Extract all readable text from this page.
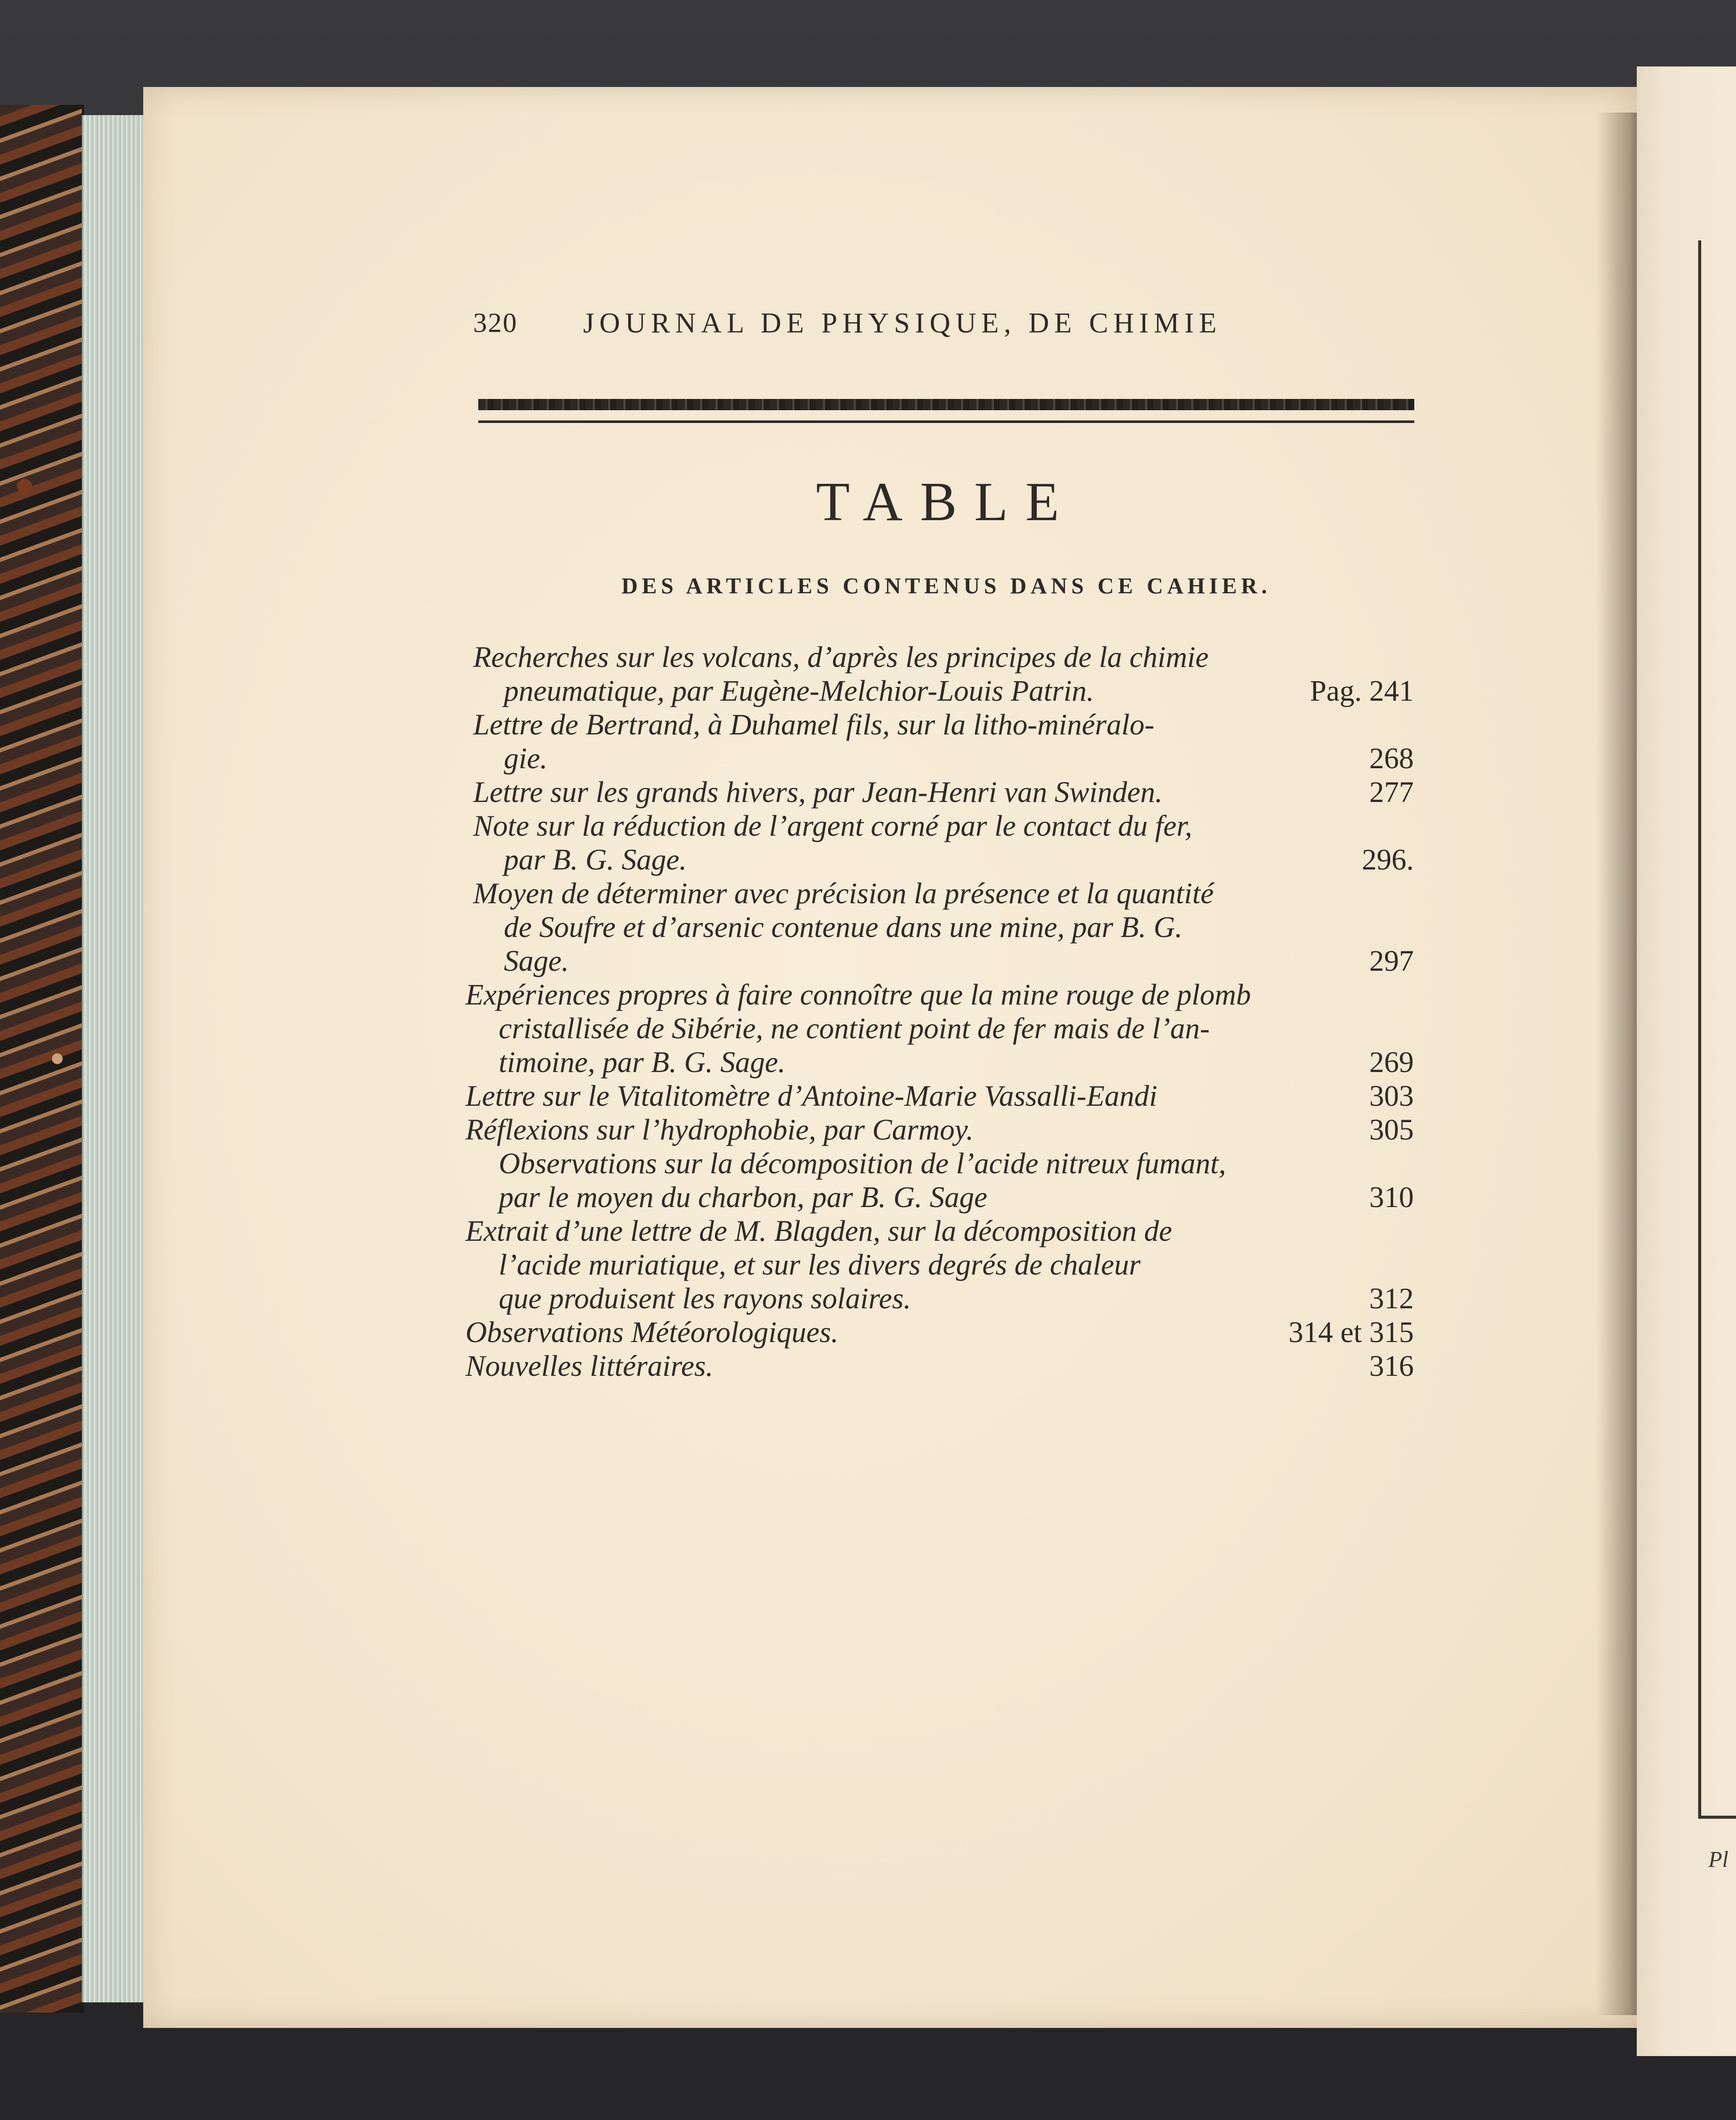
Pl
320 JOURNAL DE PHYSIQUE, DE CHIMIE
TABLE
DES ARTICLES CONTENUS DANS CE CAHIER.
Recherches sur les volcans, d’après les principes de la chimie
pneumatique, par Eugène-Melchior-Louis Patrin.	Pag. 241
Lettre de Bertrand, à Duhamel fils, sur la litho-minéralo-
gie.	268
Lettre sur les grands hivers, par Jean-Henri van Swinden.	277
Note sur la réduction de l’argent corné par le contact du fer,
par B. G. Sage.	296.
Moyen de déterminer avec précision la présence et la quantité
de Soufre et d’arsenic contenue dans une mine, par B. G.
Sage.	297
Expériences propres à faire connoître que la mine rouge de plomb
cristallisée de Sibérie, ne contient point de fer mais de l’an-
timoine, par B. G. Sage.	269
Lettre sur le Vitalitomètre d’Antoine-Marie Vassalli-Eandi	303
Réflexions sur l’hydrophobie, par Carmoy.	305
Observations sur la décomposition de l’acide nitreux fumant,
par le moyen du charbon, par B. G. Sage	310
Extrait d’une lettre de M. Blagden, sur la décomposition de
l’acide muriatique, et sur les divers degrés de chaleur
que produisent les rayons solaires.	312
Observations Météorologiques.	314 et 315
Nouvelles littéraires.	316
